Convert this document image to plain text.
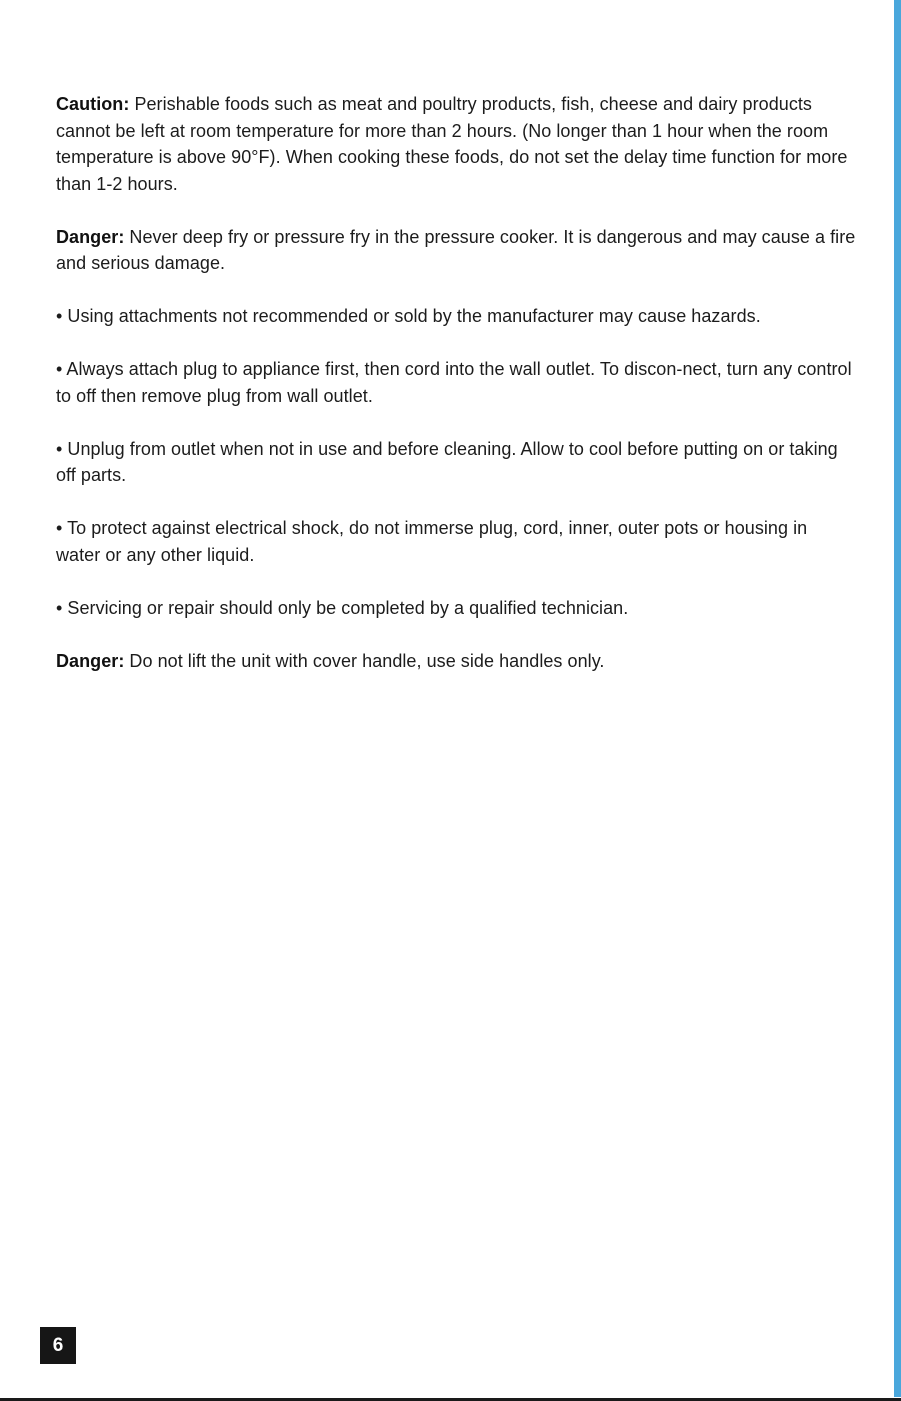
Caution: Perishable foods such as meat and poultry products, fish, cheese and dairy products cannot be left at room temperature for more than 2 hours. (No longer than 1 hour when the room temperature is above 90°F). When cooking these foods, do not set the delay time function for more than 1-2 hours.

Danger: Never deep fry or pressure fry in the pressure cooker. It is dangerous and may cause a fire and serious damage.

• Using attachments not recommended or sold by the manufacturer may cause hazards.

• Always attach plug to appliance first, then cord into the wall outlet. To discon-nect, turn any control to off then remove plug from wall outlet.

• Unplug from outlet when not in use and before cleaning. Allow to cool before putting on or taking off parts.

• To protect against electrical shock, do not immerse plug, cord, inner, outer pots or housing in water or any other liquid.

• Servicing or repair should only be completed by a qualified technician.

Danger: Do not lift the unit with cover handle, use side handles only.

6
